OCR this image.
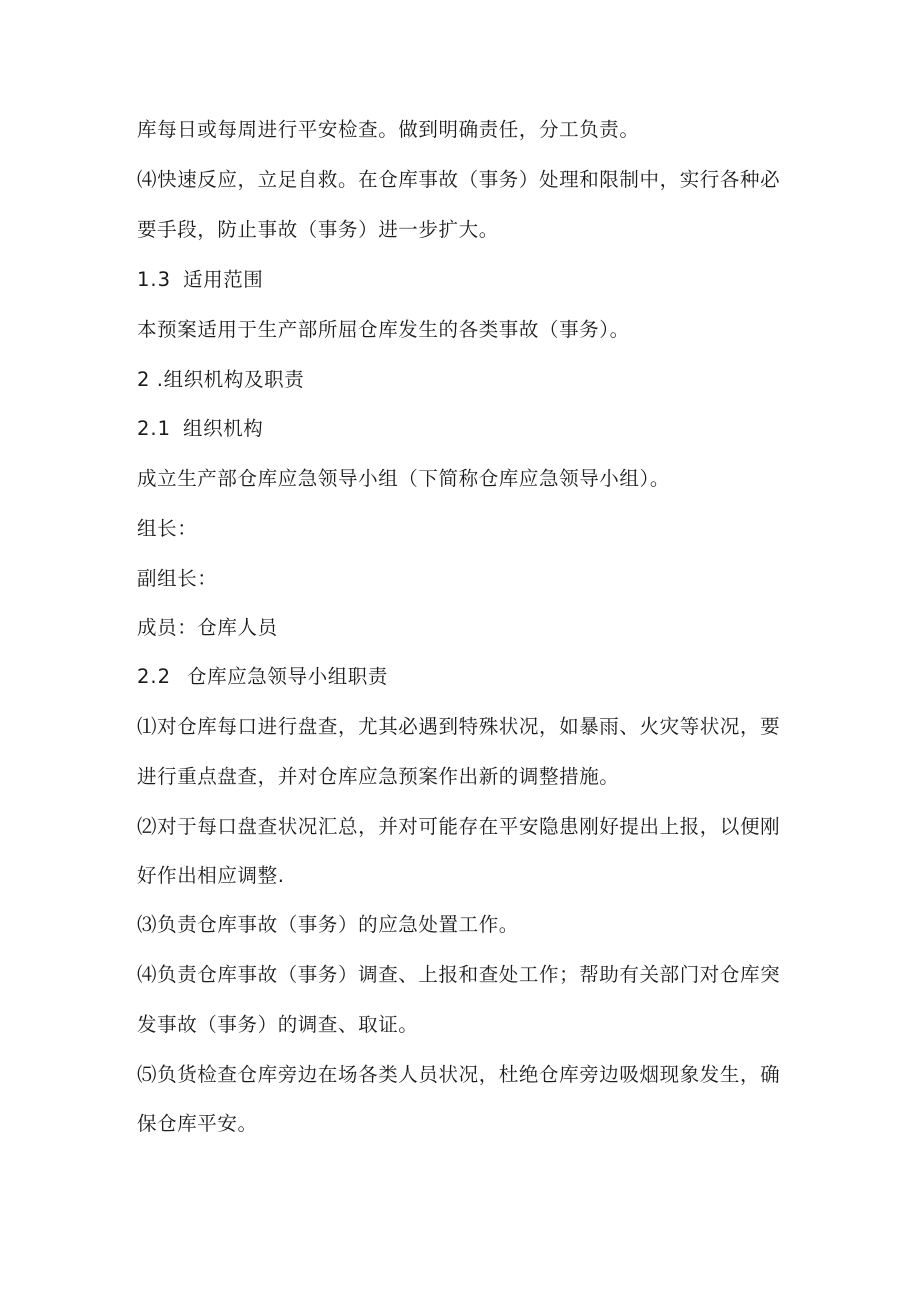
库每日或每周进行平安检查。做到明确责任，分工负责。
⑷快速反应，立足自救。在仓库事故（事务）处理和限制中，实行各种必
要手段，防止事故（事务）进一步扩大。
1.3 适用范围
本预案适用于生产部所屈仓库发生的各类事故（事务）。
2 .组织机构及职责
2.1 组织机构
成立生产部仓库应急领导小组（下简称仓库应急领导小组）。
组长：
副组长：
成员：仓库人员
2.2 仓库应急领导小组职责
⑴对仓库每口进行盘查，尤其必遇到特殊状况，如暴雨、火灾等状况，要
进行重点盘查，并对仓库应急预案作出新的调整措施。
⑵对于每口盘查状况汇总，并对可能存在平安隐患刚好提出上报，以便刚
好作出相应调整.
⑶负责仓库事故（事务）的应急处置工作。
⑷负责仓库事故（事务）调查、上报和查处工作；帮助有关部门对仓库突
发事故（事务）的调查、取证。
⑸负货检查仓库旁边在场各类人员状况，杜绝仓库旁边吸烟现象发生，确
保仓库平安。
